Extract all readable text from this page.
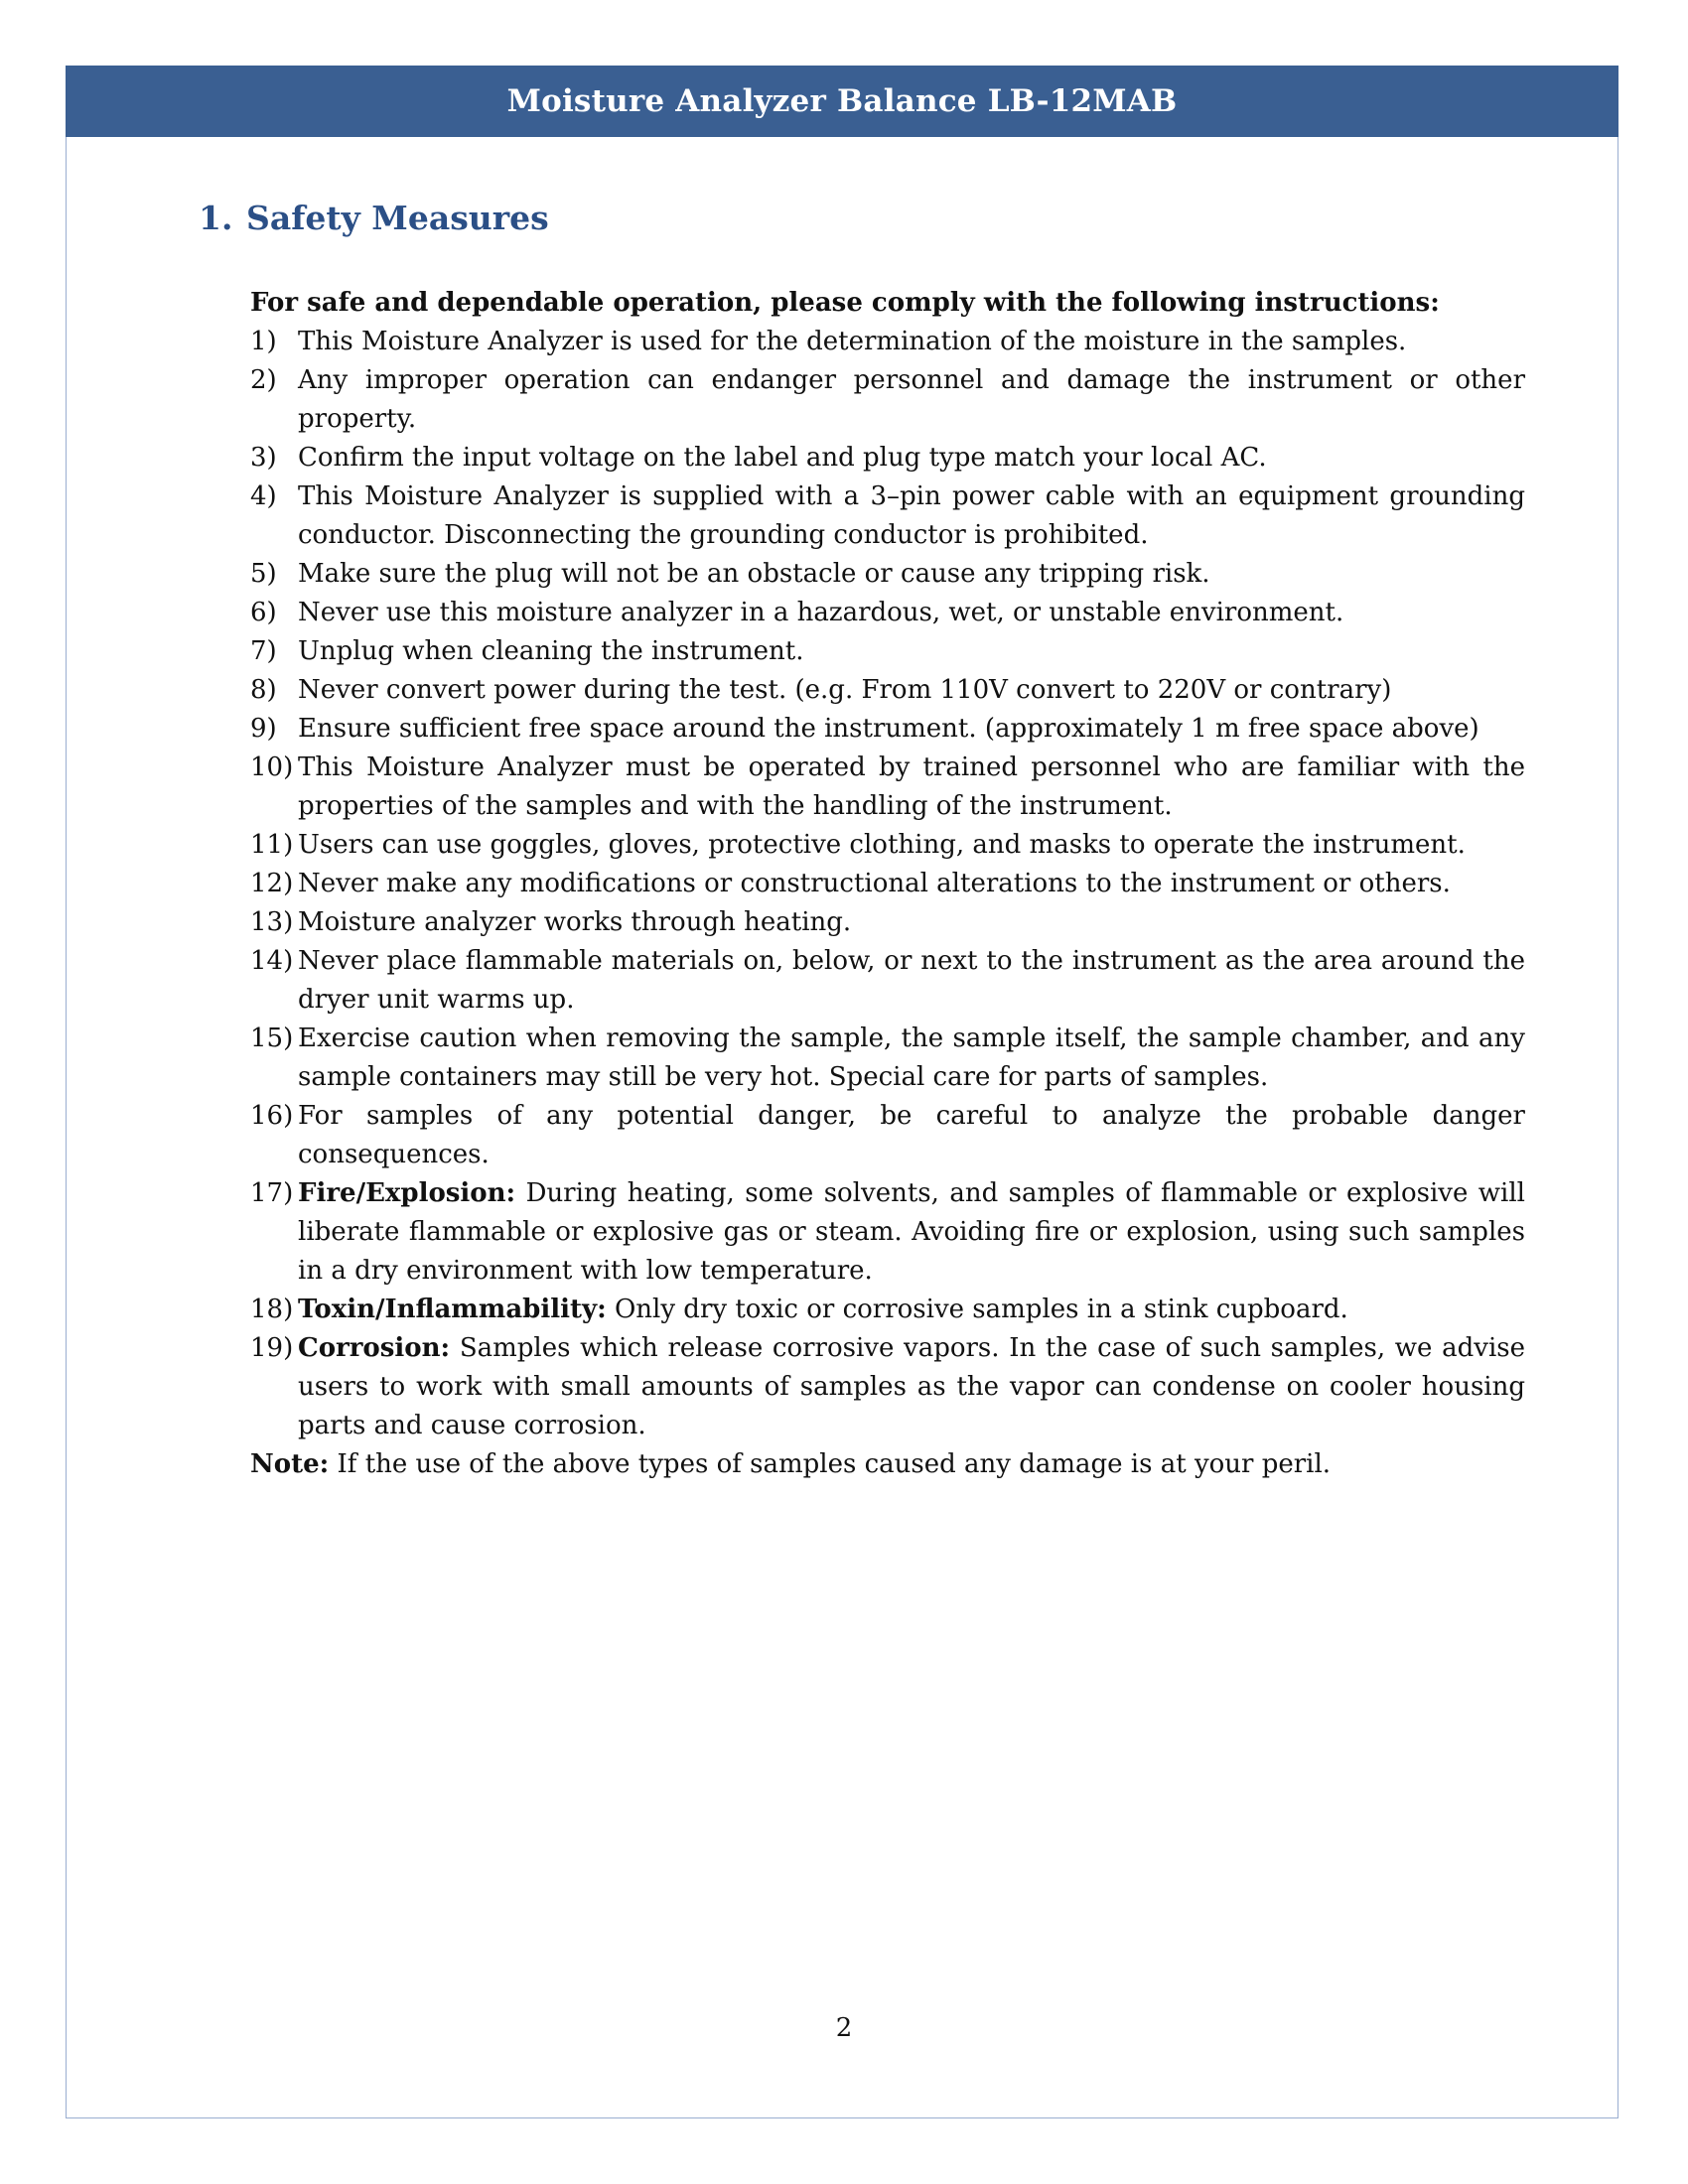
Moisture Analyzer Balance LB-12MAB
1. Safety Measures

For safe and dependable operation, please comply with the following instructions:

1) This Moisture Analyzer is used for the determination of the moisture in the samples.
2) Any improper operation can endanger personnel and damage the instrument or other property.
3) Confirm the input voltage on the label and plug type match your local AC.
4) This Moisture Analyzer is supplied with a 3–pin power cable with an equipment grounding conductor. Disconnecting the grounding conductor is prohibited.
5) Make sure the plug will not be an obstacle or cause any tripping risk.
6) Never use this moisture analyzer in a hazardous, wet, or unstable environment.
7) Unplug when cleaning the instrument.
8) Never convert power during the test. (e.g. From 110V convert to 220V or contrary)
9) Ensure sufficient free space around the instrument. (approximately 1 m free space above)
10) This Moisture Analyzer must be operated by trained personnel who are familiar with the properties of the samples and with the handling of the instrument.
11) Users can use goggles, gloves, protective clothing, and masks to operate the instrument.
12) Never make any modifications or constructional alterations to the instrument or others.
13) Moisture analyzer works through heating.
14) Never place flammable materials on, below, or next to the instrument as the area around the dryer unit warms up.
15) Exercise caution when removing the sample, the sample itself, the sample chamber, and any sample containers may still be very hot. Special care for parts of samples.
16) For samples of any potential danger, be careful to analyze the probable danger consequences.
17) Fire/Explosion: During heating, some solvents, and samples of flammable or explosive will liberate flammable or explosive gas or steam. Avoiding fire or explosion, using such samples in a dry environment with low temperature.
18) Toxin/Inflammability: Only dry toxic or corrosive samples in a stink cupboard.
19) Corrosion: Samples which release corrosive vapors. In the case of such samples, we advise users to work with small amounts of samples as the vapor can condense on cooler housing parts and cause corrosion.

Note: If the use of the above types of samples caused any damage is at your peril.

2
